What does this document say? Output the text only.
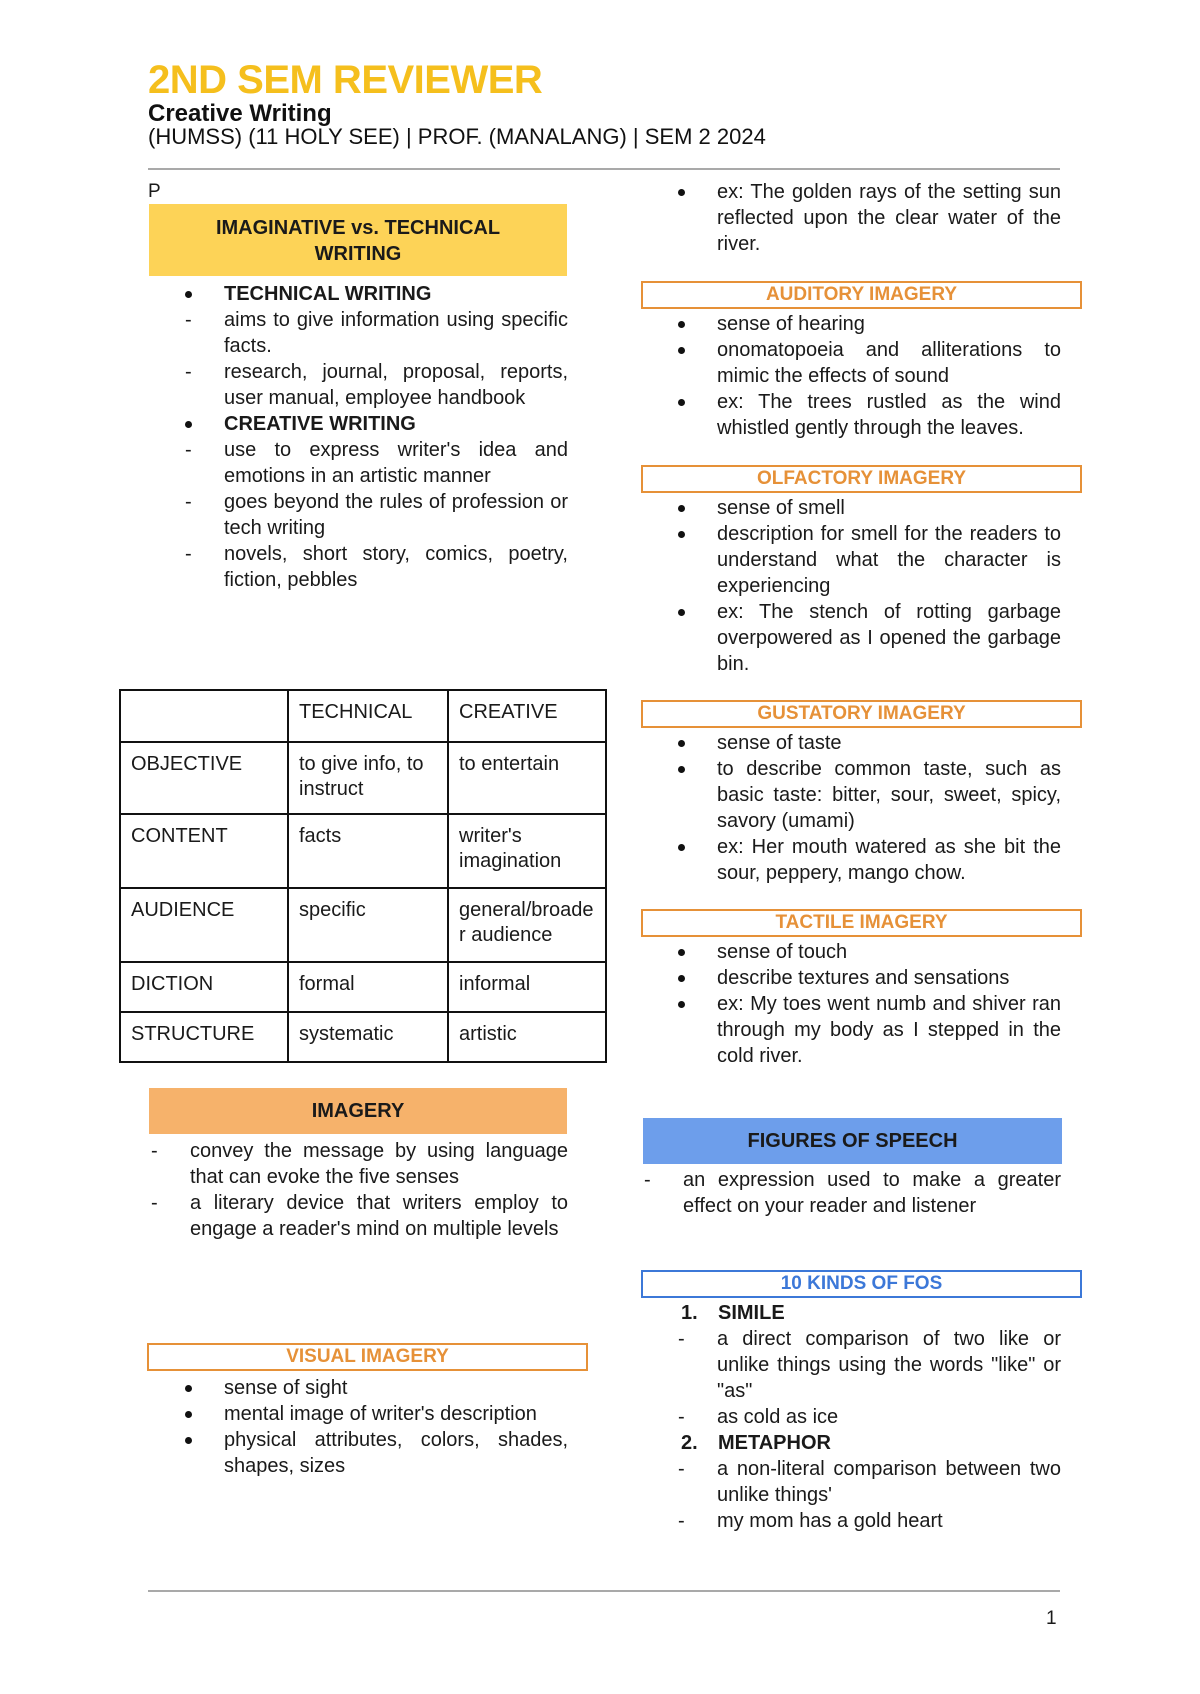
2ND SEM REVIEWER
Creative Writing
(HUMSS) (11 HOLY SEE) | PROF. (MANALANG) | SEM 2 2024
P
IMAGINATIVE vs. TECHNICAL WRITING
TECHNICAL WRITING
- aims to give information using specific facts.
- research, journal, proposal, reports, user manual, employee handbook
CREATIVE WRITING
- use to express writer's idea and emotions in an artistic manner
- goes beyond the rules of profession or tech writing
- novels, short story, comics, poetry, fiction, pebbles
	TECHNICAL	CREATIVE
OBJECTIVE	to give info, to instruct	to entertain
CONTENT	facts	writer's imagination
AUDIENCE	specific	general/broader audience
DICTION	formal	informal
STRUCTURE	systematic	artistic
IMAGERY
- convey the message by using language that can evoke the five senses
- a literary device that writers employ to engage a reader's mind on multiple levels
VISUAL IMAGERY
sense of sight
mental image of writer's description
physical attributes, colors, shades, shapes, sizes
ex: The golden rays of the setting sun reflected upon the clear water of the river.
AUDITORY IMAGERY
sense of hearing
onomatopoeia and alliterations to mimic the effects of sound
ex: The trees rustled as the wind whistled gently through the leaves.
OLFACTORY IMAGERY
sense of smell
description for smell for the readers to understand what the character is experiencing
ex: The stench of rotting garbage overpowered as I opened the garbage bin.
GUSTATORY IMAGERY
sense of taste
to describe common taste, such as basic taste: bitter, sour, sweet, spicy, savory (umami)
ex: Her mouth watered as she bit the sour, peppery, mango chow.
TACTILE IMAGERY
sense of touch
describe textures and sensations
ex: My toes went numb and shiver ran through my body as I stepped in the cold river.
FIGURES OF SPEECH
- an expression used to make a greater effect on your reader and listener
10 KINDS OF FOS
1. SIMILE
- a direct comparison of two like or unlike things using the words "like" or "as"
- as cold as ice
2. METAPHOR
- a non-literal comparison between two unlike things'
- my mom has a gold heart
1
